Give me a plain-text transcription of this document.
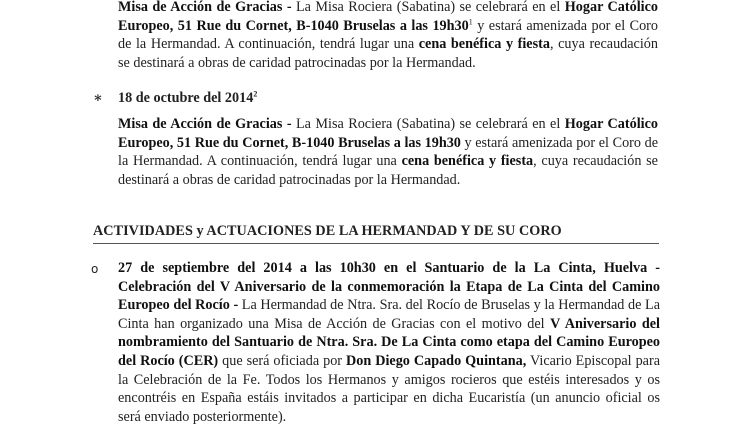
Misa de Acción de Gracias - La Misa Rociera (Sabatina) se celebrará en el Hogar Católico Europeo, 51 Rue du Cornet, B-1040 Bruselas a las $19h30^1$ y estará amenizada por el Coro de la Hermandad. A continuación, tendrá lugar una cena benéfica y fiesta, cuya recaudación se destinará a obras de caridad patrocinadas por la Hermandad.

∗ 18 de octubre del 2014$^2$

Misa de Acción de Gracias - La Misa Rociera (Sabatina) se celebrará en el Hogar Católico Europeo, 51 Rue du Cornet, B-1040 Bruselas a las 19h30 y estará amenizada por el Coro de la Hermandad. A continuación, tendrá lugar una cena benéfica y fiesta, cuya recaudación se destinará a obras de caridad patrocinadas por la Hermandad.

ACTIVIDADES y ACTUACIONES DE LA HERMANDAD Y DE SU CORO
o 27 de septiembre del 2014 a las 10h30 en el Santuario de la La Cinta, Huelva - Celebración del V Aniversario de la conmemoración la Etapa de La Cinta del Camino Europeo del Rocío - La Hermandad de Ntra. Sra. del Rocío de Bruselas y la Hermandad de La Cinta han organizado una Misa de Acción de Gracias con el motivo del V Aniversario del nombramiento del Santuario de Ntra. Sra. De La Cinta como etapa del Camino Europeo del Rocío (CER) que será oficiada por Don Diego Capado Quintana, Vicario Episcopal para la Celebración de la Fe. Todos los Hermanos y amigos rocieros que estéis interesados y os encontréis en España estáis invitados a participar en dicha Eucaristía (un anuncio oficial os será enviado posteriormente).
